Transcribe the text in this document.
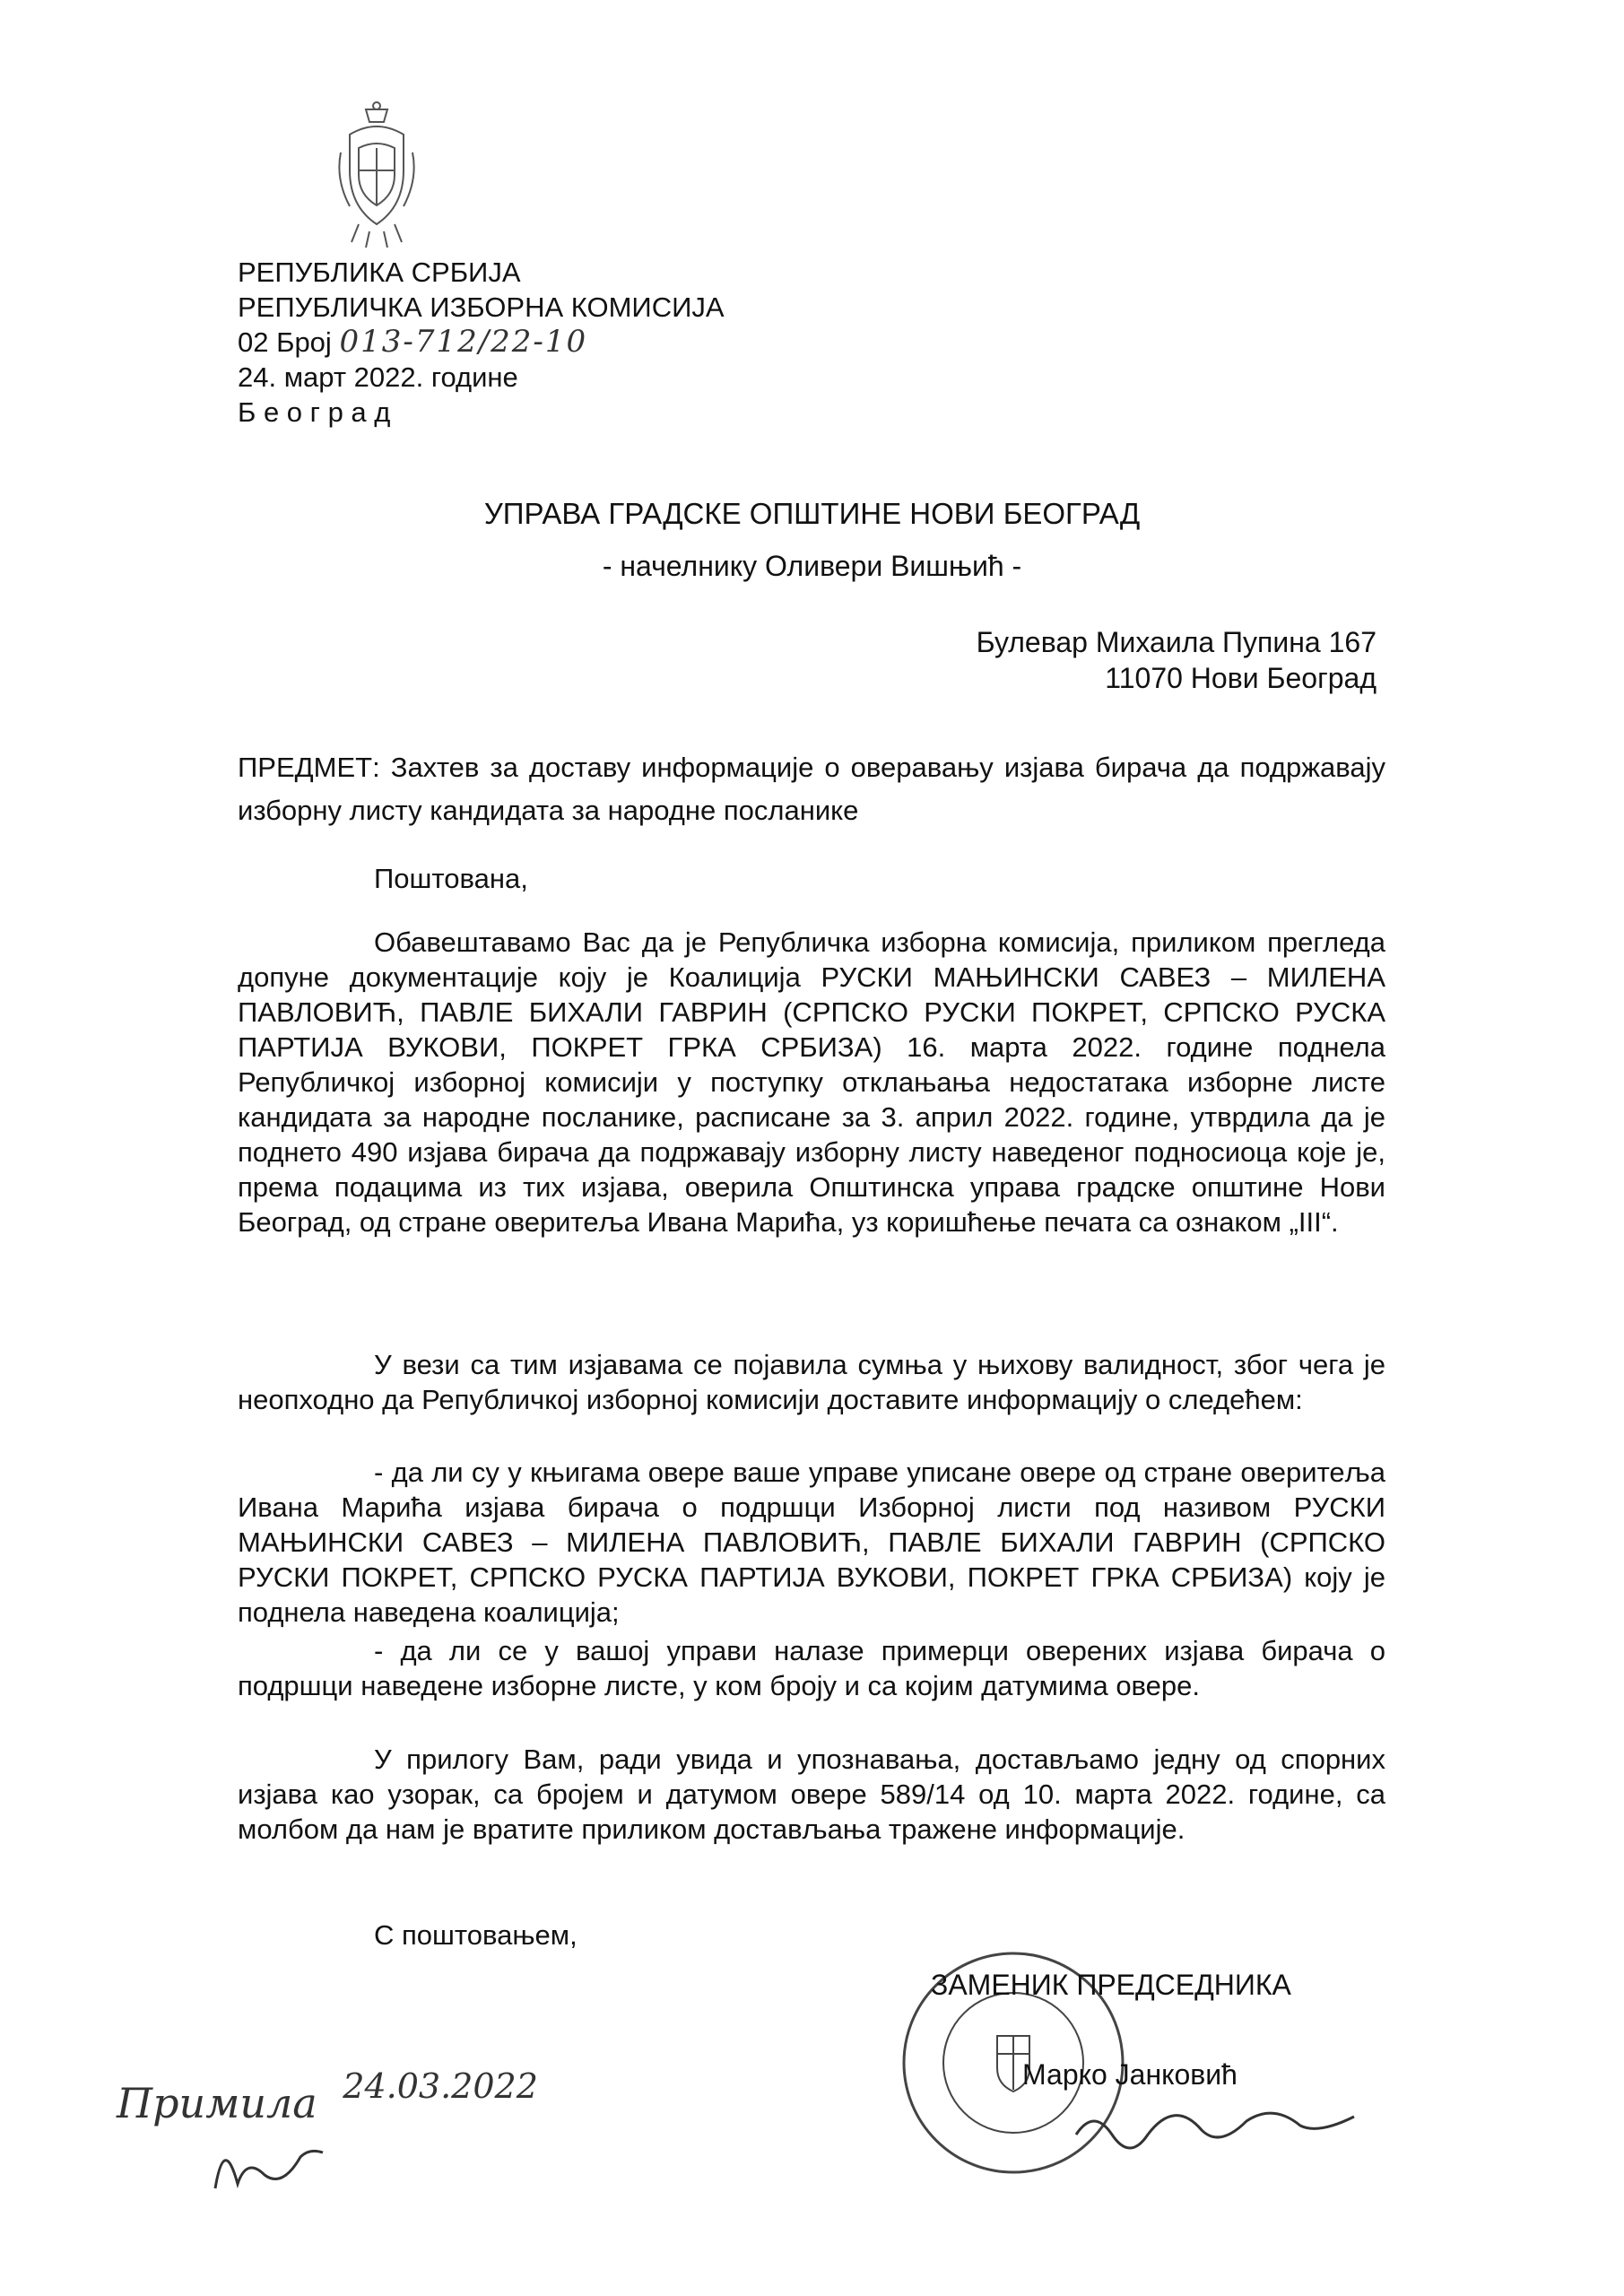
РЕПУБЛИКА СРБИЈА
РЕПУБЛИЧКА ИЗБОРНА КОМИСИЈА
02 Број 013-712/22-10
24. март 2022. године
Б е о г р а д
УПРАВА ГРАДСКЕ ОПШТИНЕ НОВИ БЕОГРАД
- начелнику Оливери Вишњић -
Булевар Михаила Пупина 167
11070 Нови Београд
ПРЕДМЕТ: Захтев за доставу информације о оверавању изјава бирача да подржавају изборну листу кандидата за народне посланике
Поштована,
Обавештавамо Вас да је Републичка изборна комисија, приликом прегледа допуне документације коју је Коалиција РУСКИ МАЊИНСКИ САВЕЗ – МИЛЕНА ПАВЛОВИЋ, ПАВЛЕ БИХАЛИ ГАВРИН (СРПСКО РУСКИ ПОКРЕТ, СРПСКО РУСКА ПАРТИЈА ВУКОВИ, ПОКРЕТ ГРКА СРБИЗА) 16. марта 2022. године поднела Републичкој изборној комисији у поступку отклањања недостатака изборне листе кандидата за народне посланике, расписане за 3. април 2022. године, утврдила да је поднето 490 изјава бирача да подржавају изборну листу наведеног подносиоца које је, према подацима из тих изјава, оверила Општинска управа градске општине Нови Београд, од стране оверитеља Ивана Марића, уз коришћење печата са ознаком „III“.
У вези са тим изјавама се појавила сумња у њихову валидност, због чега је неопходно да Републичкој изборној комисији доставите информацију о следећем:
- да ли су у књигама овере ваше управе уписане овере од стране оверитеља Ивана Марића изјава бирача о подршци Изборној листи под називом РУСКИ МАЊИНСКИ САВЕЗ – МИЛЕНА ПАВЛОВИЋ, ПАВЛЕ БИХАЛИ ГАВРИН (СРПСКО РУСКИ ПОКРЕТ, СРПСКО РУСКА ПАРТИЈА ВУКОВИ, ПОКРЕТ ГРКА СРБИЗА) коју је поднела наведена коалиција;
- да ли се у вашој управи налазе примерци оверених изјава бирача о подршци наведене изборне листе, у ком броју и са којим датумима овере.
У прилогу Вам, ради увида и упознавања, достављамо једну од спорних изјава као узорак, са бројем и датумом овере 589/14 од 10. марта 2022. године, са молбом да нам је вратите приликом достављања тражене информације.
С поштовањем,
ЗАМЕНИК ПРЕДСЕДНИКА
Марко Јанковић
Примила $^{24.03.2022}$
